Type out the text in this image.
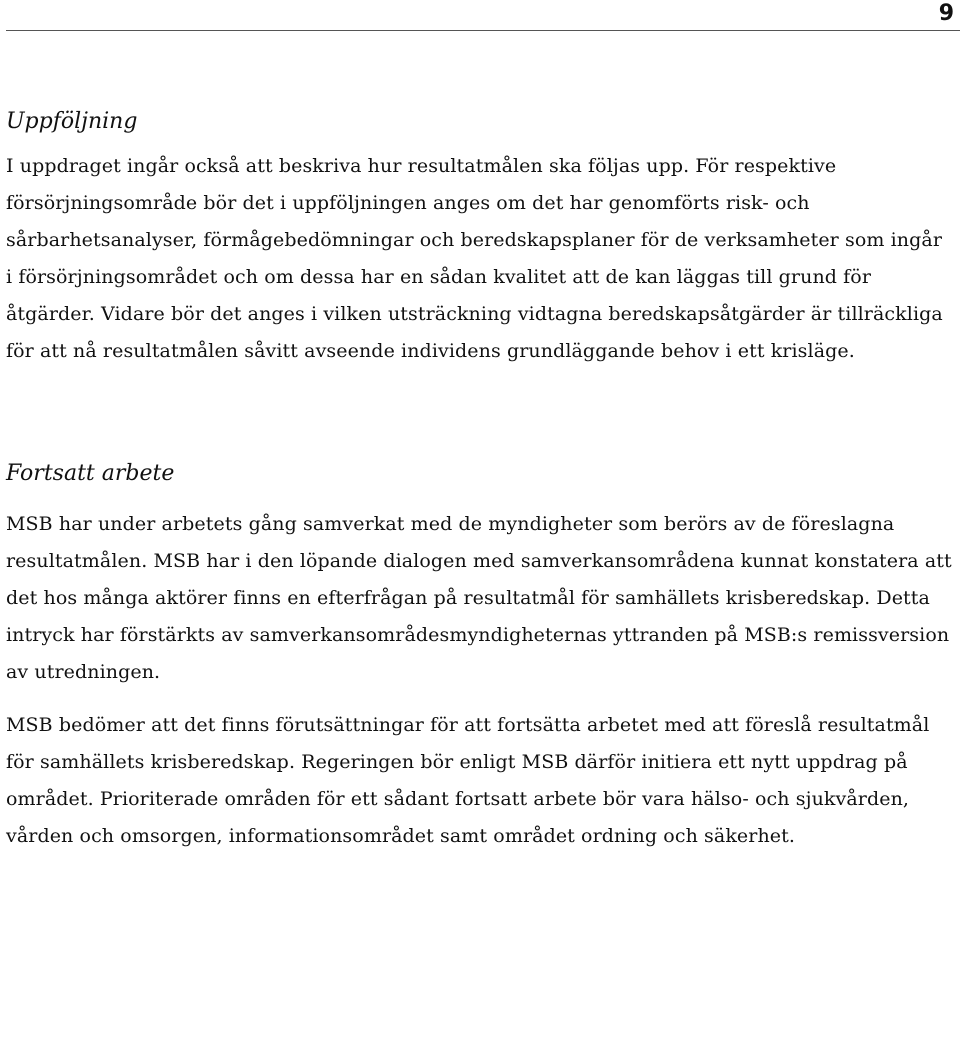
9
Uppföljning

I uppdraget ingår också att beskriva hur resultatmålen ska följas upp. För respektive försörjningsområde bör det i uppföljningen anges om det har genomförts risk- och sårbarhetsanalyser, förmågebedömningar och beredskapsplaner för de verksamheter som ingår i försörjningsområdet och om dessa har en sådan kvalitet att de kan läggas till grund för åtgärder. Vidare bör det anges i vilken utsträckning vidtagna beredskapsåtgärder är tillräckliga för att nå resultatmålen såvitt avseende individens grundläggande behov i ett krisläge.

Fortsatt arbete

MSB har under arbetets gång samverkat med de myndigheter som berörs av de föreslagna resultatmålen. MSB har i den löpande dialogen med samverkansområdena kunnat konstatera att det hos många aktörer finns en efterfrågan på resultatmål för samhällets krisberedskap. Detta intryck har förstärkts av samverkansområdesmyndigheternas yttranden på MSB:s remissversion av utredningen.

MSB bedömer att det finns förutsättningar för att fortsätta arbetet med att föreslå resultatmål för samhällets krisberedskap. Regeringen bör enligt MSB därför initiera ett nytt uppdrag på området. Prioriterade områden för ett sådant fortsatt arbete bör vara hälso- och sjukvården, vården och omsorgen, informationsområdet samt området ordning och säkerhet.
